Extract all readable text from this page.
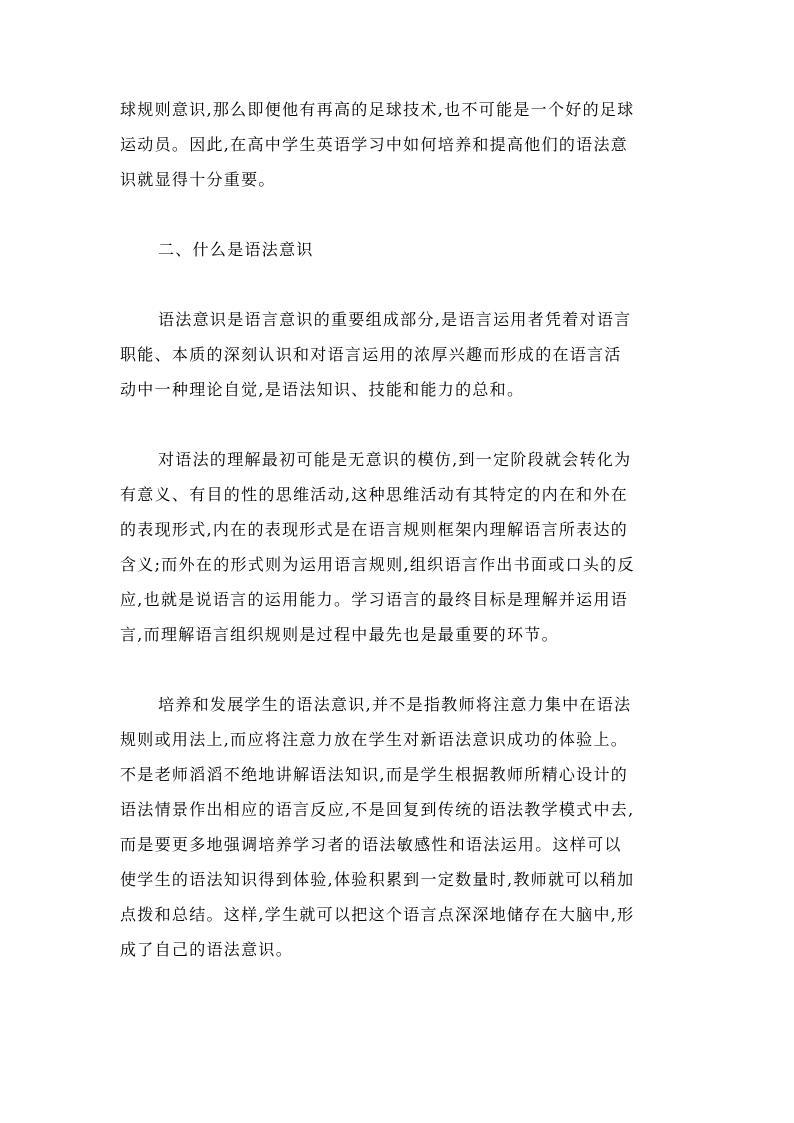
球规则意识,那么即便他有再高的足球技术,也不可能是一个好的足球
运动员。因此,在高中学生英语学习中如何培养和提高他们的语法意
识就显得十分重要。
二、什么是语法意识
语法意识是语言意识的重要组成部分,是语言运用者凭着对语言
职能、本质的深刻认识和对语言运用的浓厚兴趣而形成的在语言活
动中一种理论自觉,是语法知识、技能和能力的总和。
对语法的理解最初可能是无意识的模仿,到一定阶段就会转化为
有意义、有目的性的思维活动,这种思维活动有其特定的内在和外在
的表现形式,内在的表现形式是在语言规则框架内理解语言所表达的
含义;而外在的形式则为运用语言规则,组织语言作出书面或口头的反
应,也就是说语言的运用能力。学习语言的最终目标是理解并运用语
言,而理解语言组织规则是过程中最先也是最重要的环节。
培养和发展学生的语法意识,并不是指教师将注意力集中在语法
规则或用法上,而应将注意力放在学生对新语法意识成功的体验上。
不是老师滔滔不绝地讲解语法知识,而是学生根据教师所精心设计的
语法情景作出相应的语言反应,不是回复到传统的语法教学模式中去,
而是要更多地强调培养学习者的语法敏感性和语法运用。这样可以
使学生的语法知识得到体验,体验积累到一定数量时,教师就可以稍加
点拨和总结。这样,学生就可以把这个语言点深深地储存在大脑中,形
成了自己的语法意识。
